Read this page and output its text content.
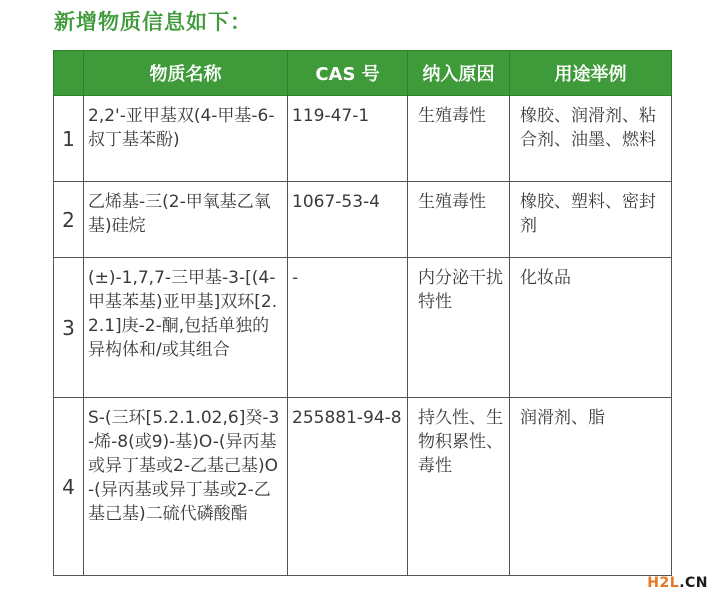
新增物质信息如下：
	物质名称	CAS 号	纳入原因	用途举例
1	2,2'-亚甲基双(4-甲基-6-叔丁基苯酚)	119-47-1	生殖毒性	橡胶、润滑剂、粘合剂、油墨、燃料
2	乙烯基-三(2-甲氧基乙氧基)硅烷	1067-53-4	生殖毒性	橡胶、塑料、密封剂
3	(±)-1,7,7-三甲基-3-[(4-甲基苯基)亚甲基]双环[2.2.1]庚-2-酮,包括单独的异构体和/或其组合	-	内分泌干扰特性	化妆品
4	S-(三环[5.2.1.02,6]癸-3-烯-8(或9)-基)O-(异丙基或异丁基或2-乙基己基)O-(异丙基或异丁基或2-乙基己基)二硫代磷酸酯	255881-94-8	持久性、生物积累性、毒性	润滑剂、脂
H2L.CN
